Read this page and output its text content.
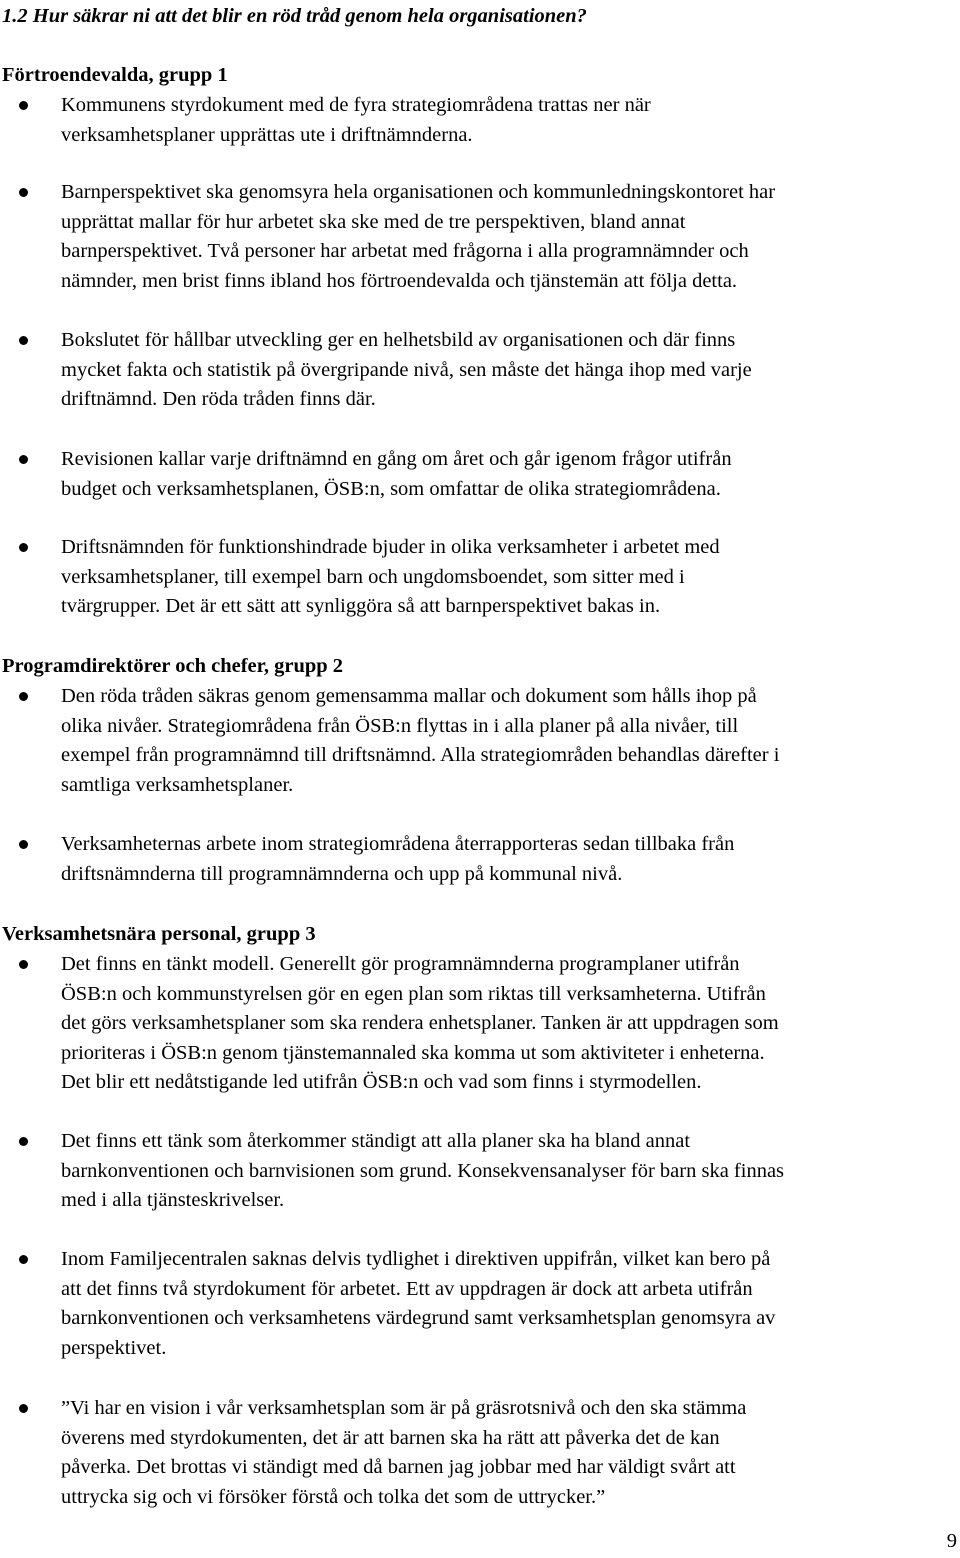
1.2 Hur säkrar ni att det blir en röd tråd genom hela organisationen?
Förtroendevalda, grupp 1
Kommunens styrdokument med de fyra strategiområdena trattas ner när
verksamhetsplaner upprättas ute i driftnämnderna.
Barnperspektivet ska genomsyra hela organisationen och kommunledningskontoret har
upprättat mallar för hur arbetet ska ske med de tre perspektiven, bland annat
barnperspektivet. Två personer har arbetat med frågorna i alla programnämnder och
nämnder, men brist finns ibland hos förtroendevalda och tjänstemän att följa detta.
Bokslutet för hållbar utveckling ger en helhetsbild av organisationen och där finns
mycket fakta och statistik på övergripande nivå, sen måste det hänga ihop med varje
driftnämnd. Den röda tråden finns där.
Revisionen kallar varje driftnämnd en gång om året och går igenom frågor utifrån
budget och verksamhetsplanen, ÖSB:n, som omfattar de olika strategiområdena.
Driftsnämnden för funktionshindrade bjuder in olika verksamheter i arbetet med
verksamhetsplaner, till exempel barn och ungdomsboendet, som sitter med i
tvärgrupper. Det är ett sätt att synliggöra så att barnperspektivet bakas in.
Programdirektörer och chefer, grupp 2
Den röda tråden säkras genom gemensamma mallar och dokument som hålls ihop på
olika nivåer. Strategiområdena från ÖSB:n flyttas in i alla planer på alla nivåer, till
exempel från programnämnd till driftsnämnd. Alla strategiområden behandlas därefter i
samtliga verksamhetsplaner.
Verksamheternas arbete inom strategiområdena återrapporteras sedan tillbaka från
driftsnämnderna till programnämnderna och upp på kommunal nivå.
Verksamhetsnära personal, grupp 3
Det finns en tänkt modell. Generellt gör programnämnderna programplaner utifrån
ÖSB:n och kommunstyrelsen gör en egen plan som riktas till verksamheterna. Utifrån
det görs verksamhetsplaner som ska rendera enhetsplaner. Tanken är att uppdragen som
prioriteras i ÖSB:n genom tjänstemannaled ska komma ut som aktiviteter i enheterna.
Det blir ett nedåtstigande led utifrån ÖSB:n och vad som finns i styrmodellen.
Det finns ett tänk som återkommer ständigt att alla planer ska ha bland annat
barnkonventionen och barnvisionen som grund. Konsekvensanalyser för barn ska finnas
med i alla tjänsteskrivelser.
Inom Familjecentralen saknas delvis tydlighet i direktiven uppifrån, vilket kan bero på
att det finns två styrdokument för arbetet. Ett av uppdragen är dock att arbeta utifrån
barnkonventionen och verksamhetens värdegrund samt verksamhetsplan genomsyra av
perspektivet.
”Vi har en vision i vår verksamhetsplan som är på gräsrotsnivå och den ska stämma
överens med styrdokumenten, det är att barnen ska ha rätt att påverka det de kan
påverka. Det brottas vi ständigt med då barnen jag jobbar med har väldigt svårt att
uttrycka sig och vi försöker förstå och tolka det som de uttrycker.”
9
